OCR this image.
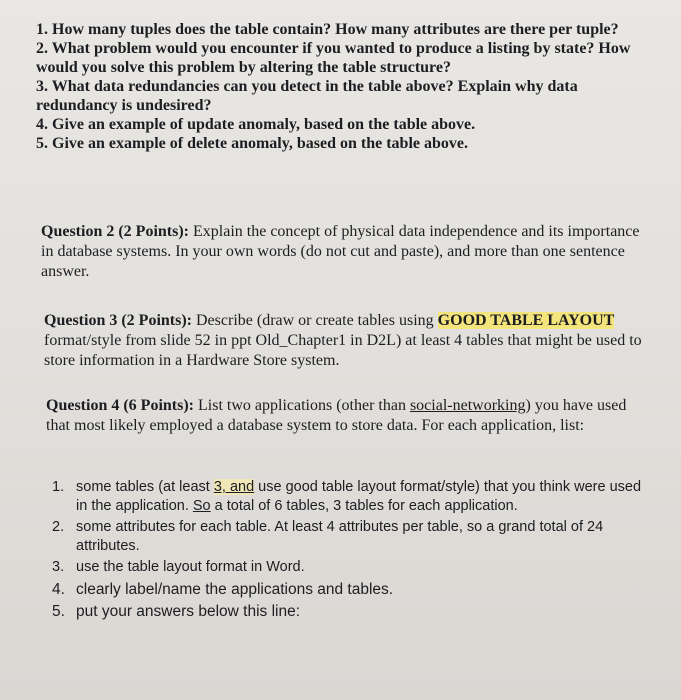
1. How many tuples does the table contain? How many attributes are there per tuple?

2. What problem would you encounter if you wanted to produce a listing by state? How would you solve this problem by altering the table structure?

3. What data redundancies can you detect in the table above? Explain why data redundancy is undesired?

4. Give an example of update anomaly, based on the table above.

5. Give an example of delete anomaly, based on the table above.

Question 2 (2 Points): Explain the concept of physical data independence and its importance in database systems. In your own words (do not cut and paste), and more than one sentence answer.
Question 3 (2 Points): Describe (draw or create tables using GOOD TABLE LAYOUT format/style from slide 52 in ppt Old_Chapter1 in D2L) at least 4 tables that might be used to store information in a Hardware Store system.
Question 4 (6 Points): List two applications (other than social-networking) you have used that most likely employed a database system to store data. For each application, list:
1. some tables (at least 3, and use good table layout format/style) that you think were used in the application. So a total of 6 tables, 3 tables for each application.
2. some attributes for each table. At least 4 attributes per table, so a grand total of 24 attributes.
3. use the table layout format in Word.
4. clearly label/name the applications and tables.
5. put your answers below this line:
